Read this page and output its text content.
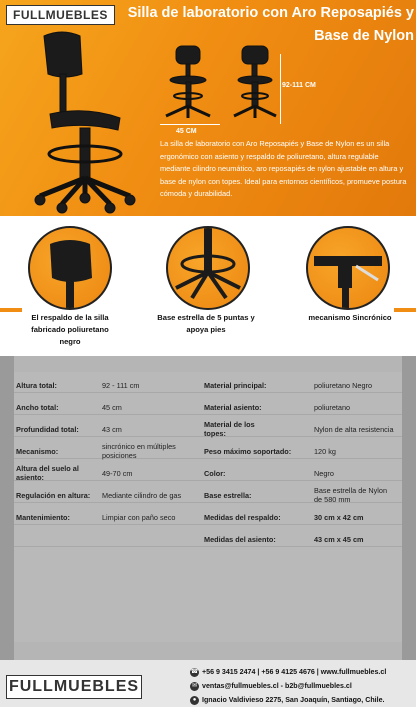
FULLMUEBLES	Silla de laboratorio con Aro Reposapiés y Base de Nylon
45 CM
92-111 CM
La silla de laboratorio con Aro Reposapiés y Base de Nylon es un silla ergonómico con asiento y respaldo de poliuretano, altura regulable mediante cilindro neumático, aro reposapiés de nylon ajustable en altura y base de nylon con topes. Ideal para entornos científicos, promueve postura cómoda y durabilidad.
El respaldo de la silla fabricado poliuretano negro
Base estrella de 5 puntas y apoya pies
mecanismo Sincrónico
Altura total:	92 - 111 cm
Ancho total:	45 cm
Profundidad total:	43 cm
Mecanismo:
sincrónico en múltiples posiciones
Altura del suelo al asiento:	49-70 cm
Regulación en altura: Mediante cilindro de gas
Mantenimiento:	Limpiar con paño seco
Material principal:	poliuretano Negro
Material asiento:	poliuretano
Material de los topes:	Nylon de alta resistencia
Peso máximo soportado:	120 kg
Color:	Negro
Base estrella:
Base estrella de Nylon de 580 mm
Medidas del respaldo:	30 cm x 42 cm
Medidas del asiento:	43 cm x 45 cm
FULLMUEBLES
☎ +56 9 3415 2474 | +56 9 4125 4676 | www.fullmuebles.cl
✉ ventas@fullmuebles.cl - b2b@fullmuebles.cl
● Ignacio Valdivieso 2275, San Joaquín, Santiago, Chile.
